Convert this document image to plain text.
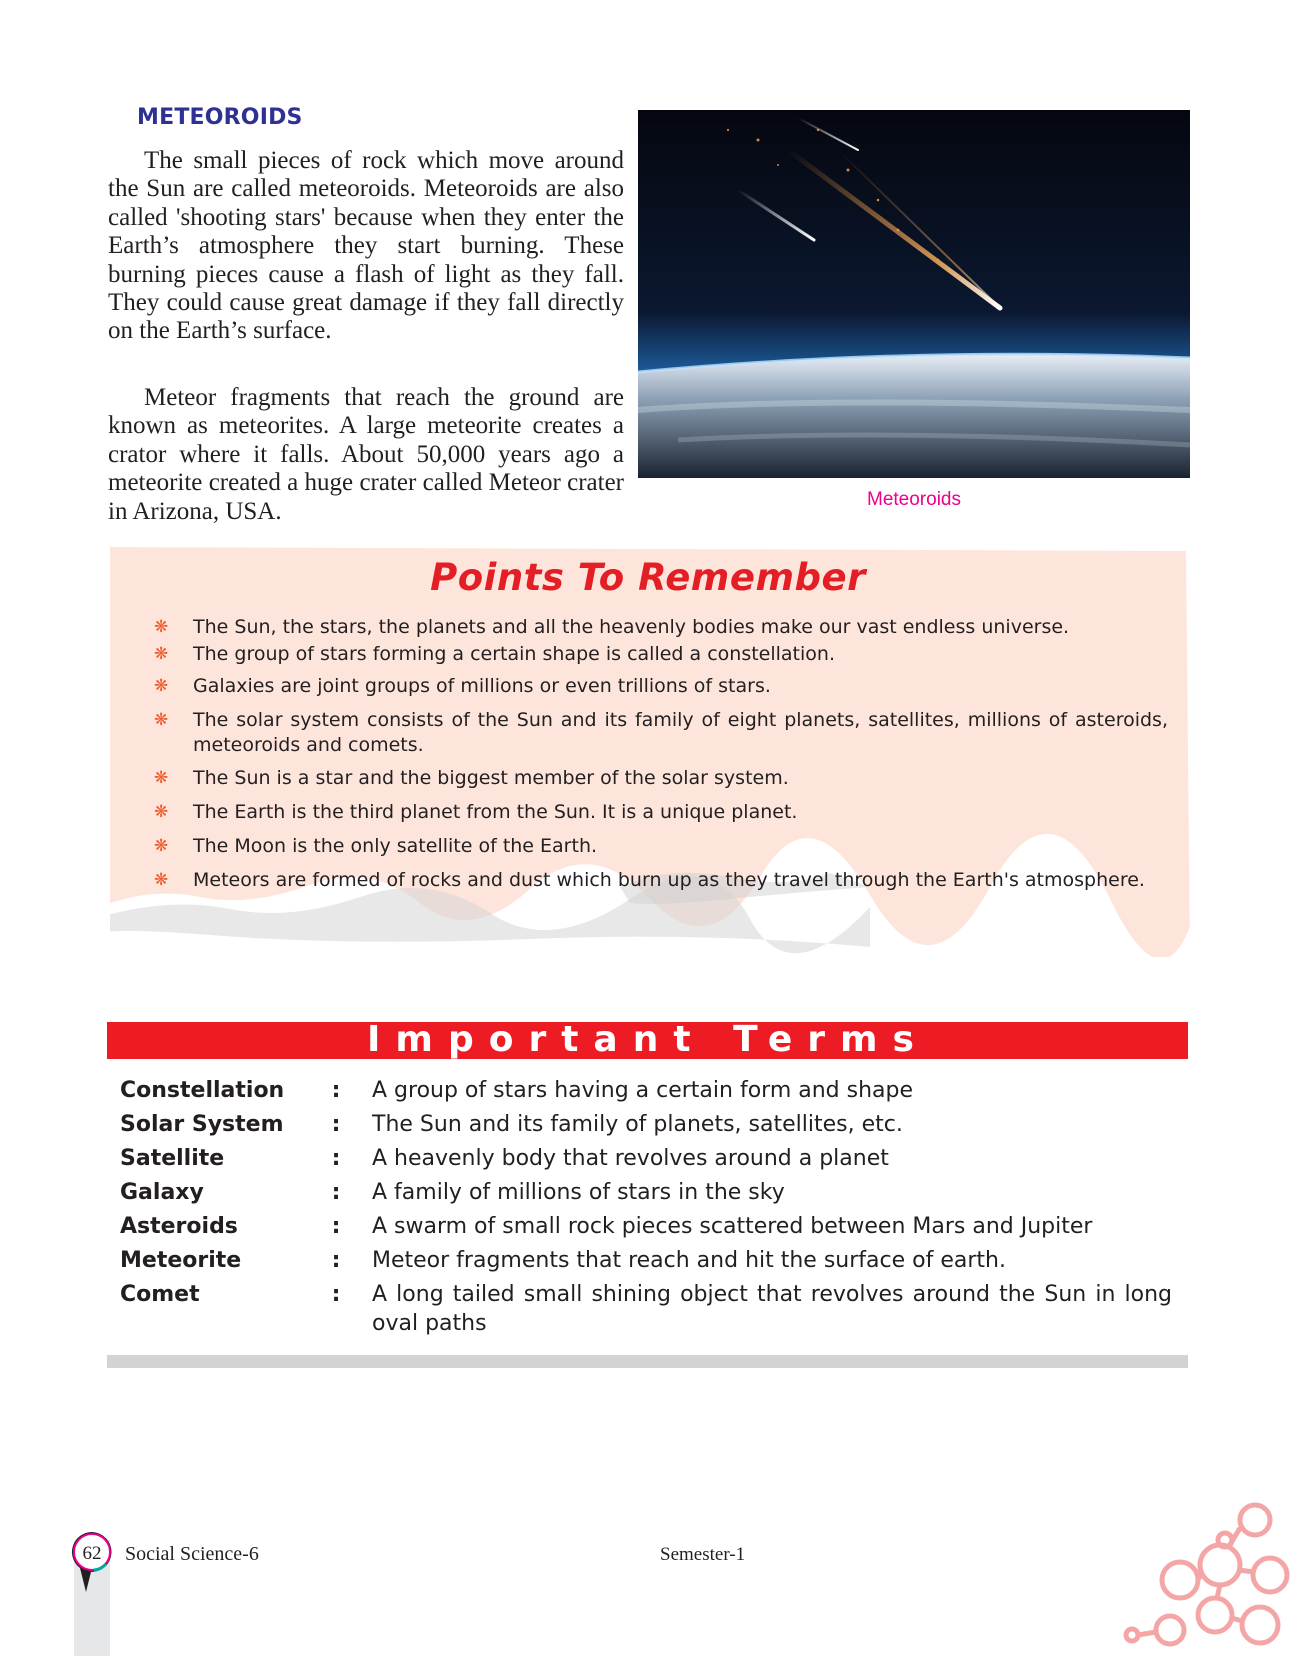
METEOROIDS

The small pieces of rock which move around the Sun are called meteoroids. Meteoroids are also called 'shooting stars' because when they enter the Earth’s atmosphere they start burning. These burning pieces cause a flash of light as they fall. They could cause great damage if they fall directly on the Earth’s surface.

Meteor fragments that reach the ground are known as meteorites. A large meteorite creates a crator where it falls. About 50,000 years ago a meteorite created a huge crater called Meteor crater in Arizona, USA.	Meteoroids
Points To Remember
❋ The Sun, the stars, the planets and all the heavenly bodies make our vast endless universe.
❋ The group of stars forming a certain shape is called a constellation.
❋ Galaxies are joint groups of millions or even trillions of stars.
❋ The solar system consists of the Sun and its family of eight planets, satellites, millions of asteroids, meteoroids and comets.
❋ The Sun is a star and the biggest member of the solar system.
❋ The Earth is the third planet from the Sun. It is a unique planet.
❋ The Moon is the only satellite of the Earth.
❋ Meteors are formed of rocks and dust which burn up as they travel through the Earth's atmosphere.
Important Terms
Constellation	:	A group of stars having a certain form and shape
Solar System	:	The Sun and its family of planets, satellites, etc.
Satellite	:	A heavenly body that revolves around a planet
Galaxy	:	A family of millions of stars in the sky
Asteroids	:	A swarm of small rock pieces scattered between Mars and Jupiter
Meteorite	:	Meteor fragments that reach and hit the surface of earth.
Comet	:	A long tailed small shining object that revolves around the Sun in long oval paths
62	Social Science-6	Semester-1
